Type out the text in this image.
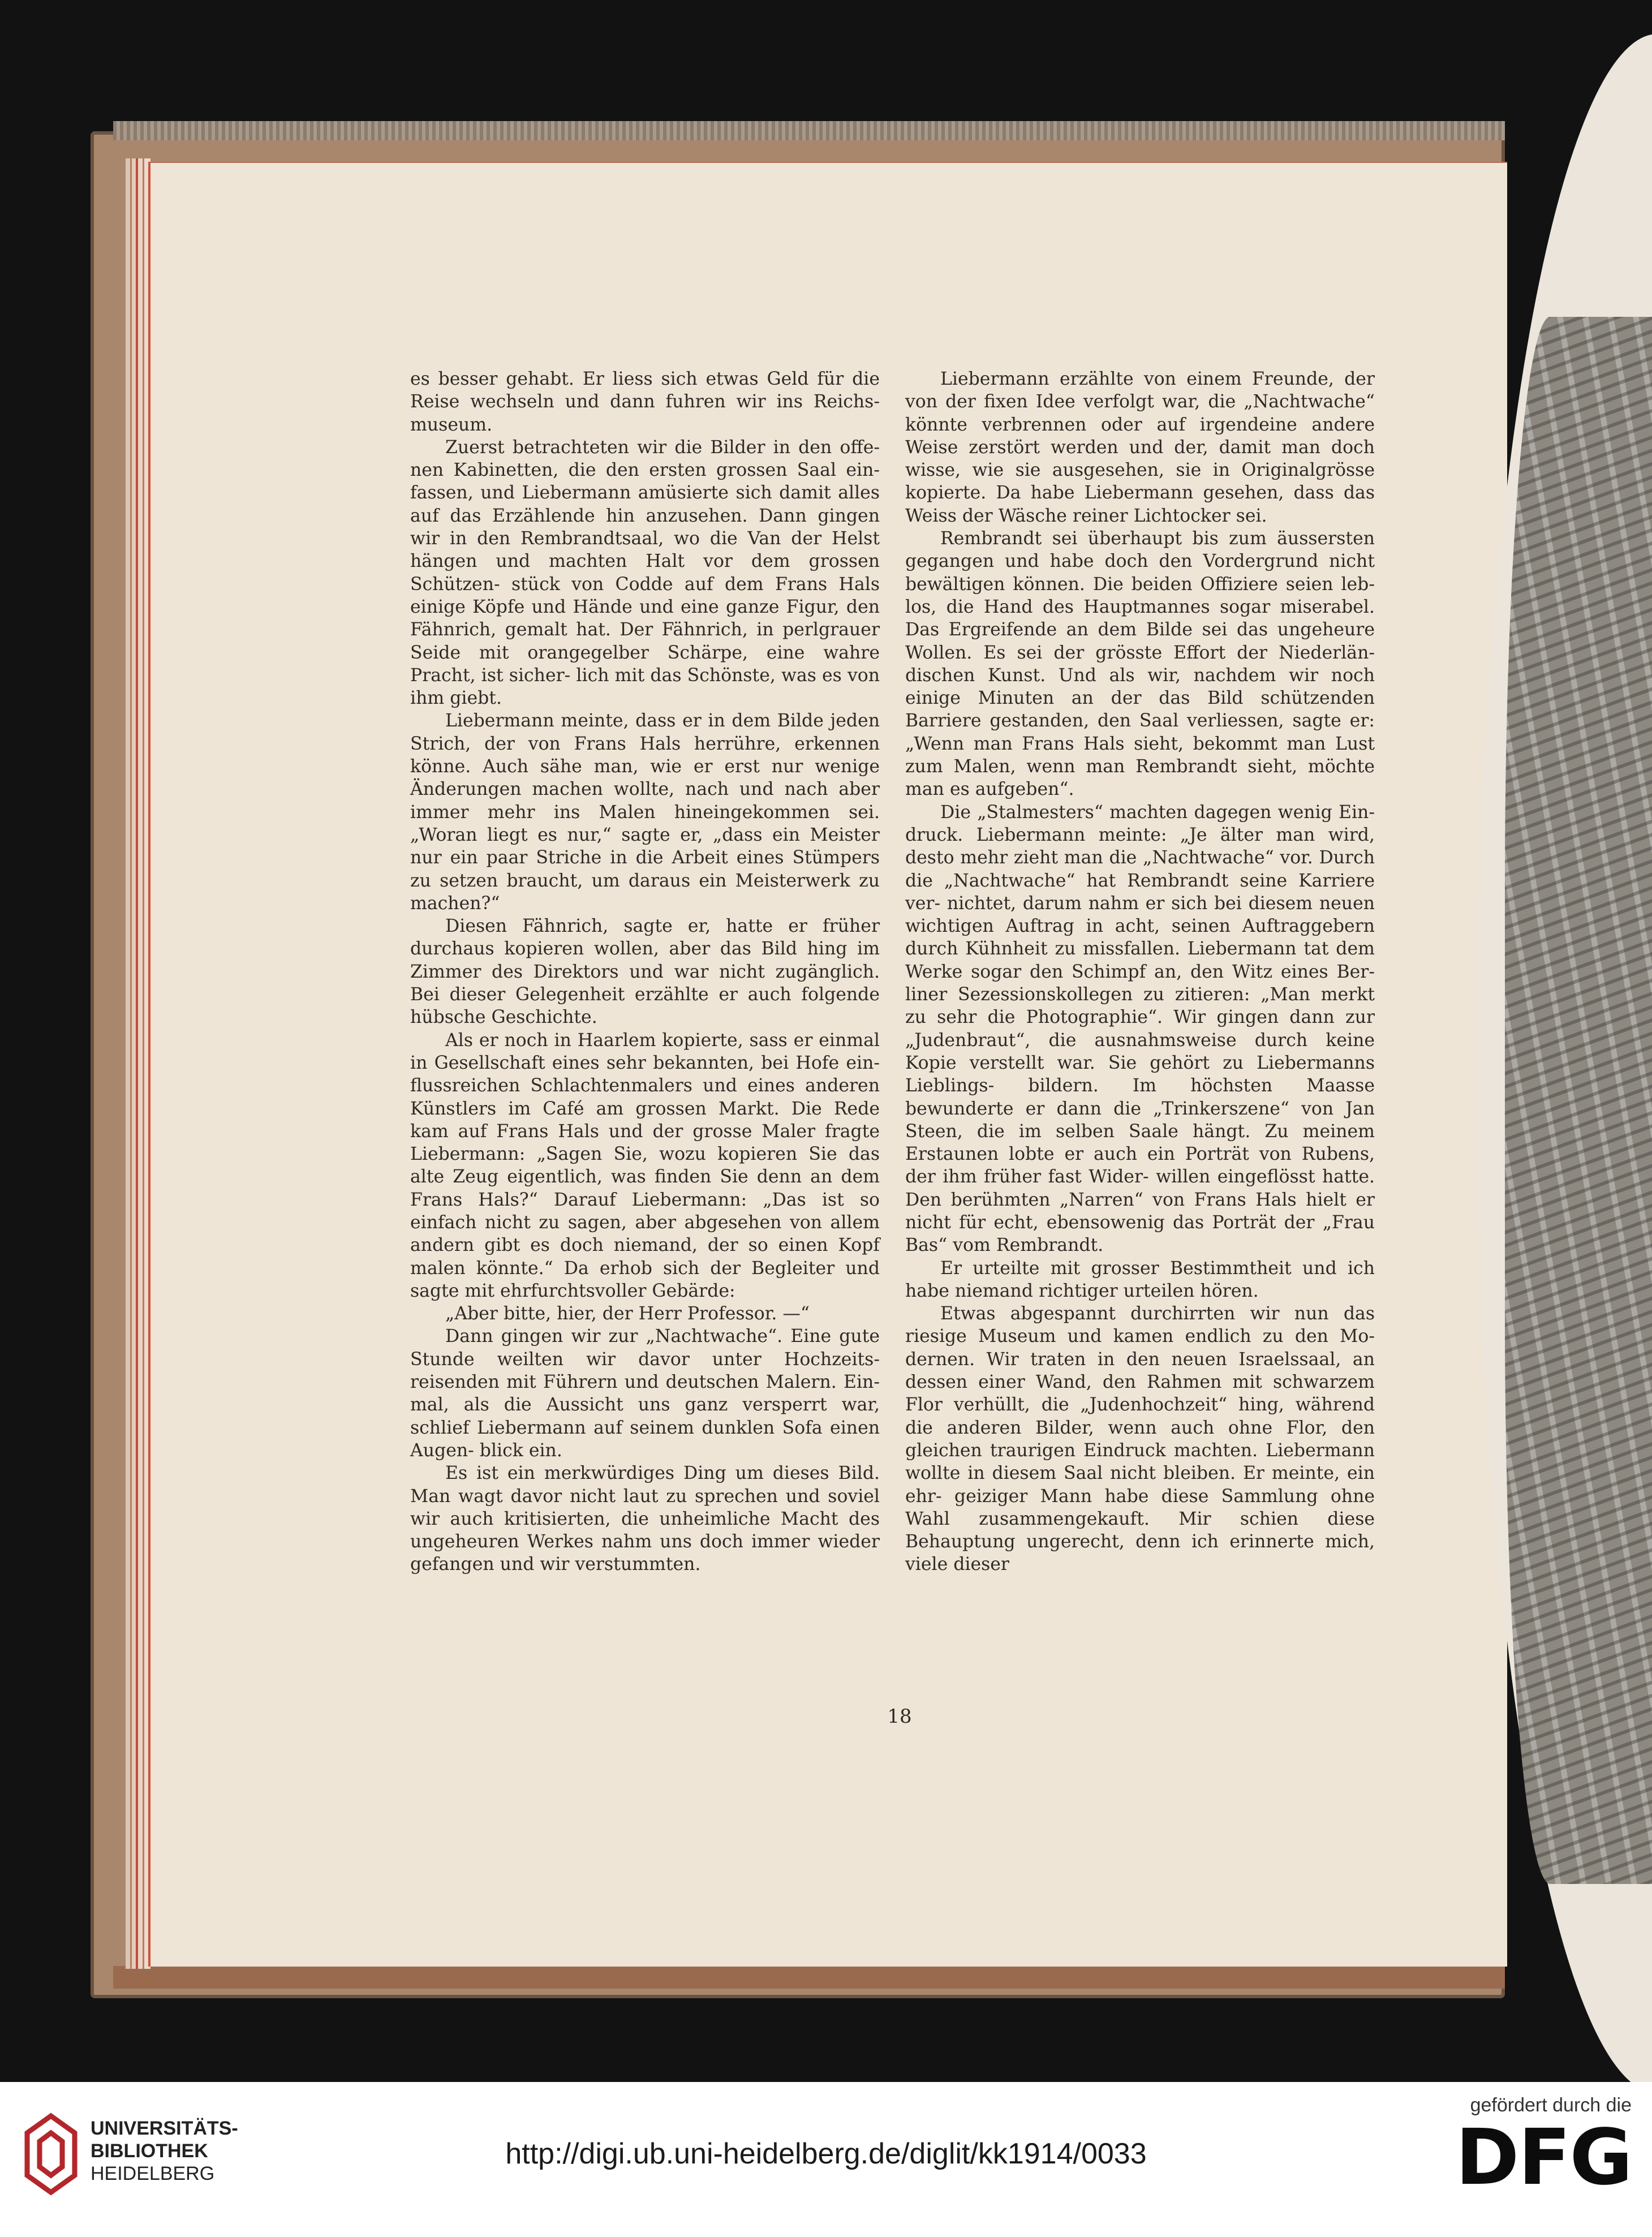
es besser gehabt. Er liess sich etwas Geld für die Reise wechseln und dann fuhren wir ins Reichs- museum.

Zuerst betrachteten wir die Bilder in den offe- nen Kabinetten, die den ersten grossen Saal ein- fassen, und Liebermann amüsierte sich damit alles auf das Erzählende hin anzusehen. Dann gingen wir in den Rembrandtsaal, wo die Van der Helst hängen und machten Halt vor dem grossen Schützen- stück von Codde auf dem Frans Hals einige Köpfe und Hände und eine ganze Figur, den Fähnrich, gemalt hat. Der Fähnrich, in perlgrauer Seide mit orangegelber Schärpe, eine wahre Pracht, ist sicher- lich mit das Schönste, was es von ihm giebt.

Liebermann meinte, dass er in dem Bilde jeden Strich, der von Frans Hals herrühre, erkennen könne. Auch sähe man, wie er erst nur wenige Änderungen machen wollte, nach und nach aber immer mehr ins Malen hineingekommen sei. „Woran liegt es nur,“ sagte er, „dass ein Meister nur ein paar Striche in die Arbeit eines Stümpers zu setzen braucht, um daraus ein Meisterwerk zu machen?“

Diesen Fähnrich, sagte er, hatte er früher durchaus kopieren wollen, aber das Bild hing im Zimmer des Direktors und war nicht zugänglich. Bei dieser Gelegenheit erzählte er auch folgende hübsche Geschichte.

Als er noch in Haarlem kopierte, sass er einmal in Gesellschaft eines sehr bekannten, bei Hofe ein- flussreichen Schlachtenmalers und eines anderen Künstlers im Café am grossen Markt. Die Rede kam auf Frans Hals und der grosse Maler fragte Liebermann: „Sagen Sie, wozu kopieren Sie das alte Zeug eigentlich, was finden Sie denn an dem Frans Hals?“ Darauf Liebermann: „Das ist so einfach nicht zu sagen, aber abgesehen von allem andern gibt es doch niemand, der so einen Kopf malen könnte.“ Da erhob sich der Begleiter und sagte mit ehrfurchtsvoller Gebärde:

„Aber bitte, hier, der Herr Professor. —“

Dann gingen wir zur „Nachtwache“. Eine gute Stunde weilten wir davor unter Hochzeits- reisenden mit Führern und deutschen Malern. Ein- mal, als die Aussicht uns ganz versperrt war, schlief Liebermann auf seinem dunklen Sofa einen Augen- blick ein.

Es ist ein merkwürdiges Ding um dieses Bild. Man wagt davor nicht laut zu sprechen und soviel wir auch kritisierten, die unheimliche Macht des ungeheuren Werkes nahm uns doch immer wieder gefangen und wir verstummten.

Liebermann erzählte von einem Freunde, der von der fixen Idee verfolgt war, die „Nachtwache“ könnte verbrennen oder auf irgendeine andere Weise zerstört werden und der, damit man doch wisse, wie sie ausgesehen, sie in Originalgrösse kopierte. Da habe Liebermann gesehen, dass das Weiss der Wäsche reiner Lichtocker sei.

Rembrandt sei überhaupt bis zum äussersten gegangen und habe doch den Vordergrund nicht bewältigen können. Die beiden Offiziere seien leb- los, die Hand des Hauptmannes sogar miserabel. Das Ergreifende an dem Bilde sei das ungeheure Wollen. Es sei der grösste Effort der Niederlän- dischen Kunst. Und als wir, nachdem wir noch einige Minuten an der das Bild schützenden Barriere gestanden, den Saal verliessen, sagte er: „Wenn man Frans Hals sieht, bekommt man Lust zum Malen, wenn man Rembrandt sieht, möchte man es aufgeben“.

Die „Stalmesters“ machten dagegen wenig Ein- druck. Liebermann meinte: „Je älter man wird, desto mehr zieht man die „Nachtwache“ vor. Durch die „Nachtwache“ hat Rembrandt seine Karriere ver- nichtet, darum nahm er sich bei diesem neuen wichtigen Auftrag in acht, seinen Auftraggebern durch Kühnheit zu missfallen. Liebermann tat dem Werke sogar den Schimpf an, den Witz eines Ber- liner Sezessionskollegen zu zitieren: „Man merkt zu sehr die Photographie“. Wir gingen dann zur „Judenbraut“, die ausnahmsweise durch keine Kopie verstellt war. Sie gehört zu Liebermanns Lieblings- bildern. Im höchsten Maasse bewunderte er dann die „Trinkerszene“ von Jan Steen, die im selben Saale hängt. Zu meinem Erstaunen lobte er auch ein Porträt von Rubens, der ihm früher fast Wider- willen eingeflösst hatte. Den berühmten „Narren“ von Frans Hals hielt er nicht für echt, ebensowenig das Porträt der „Frau Bas“ vom Rembrandt.

Er urteilte mit grosser Bestimmtheit und ich habe niemand richtiger urteilen hören.

Etwas abgespannt durchirrten wir nun das riesige Museum und kamen endlich zu den Mo- dernen. Wir traten in den neuen Israelssaal, an dessen einer Wand, den Rahmen mit schwarzem Flor verhüllt, die „Judenhochzeit“ hing, während die anderen Bilder, wenn auch ohne Flor, den gleichen traurigen Eindruck machten. Liebermann wollte in diesem Saal nicht bleiben. Er meinte, ein ehr- geiziger Mann habe diese Sammlung ohne Wahl zusammengekauft. Mir schien diese Behauptung ungerecht, denn ich erinnerte mich, viele dieser

18
UNIVERSITÄTS-
BIBLIOTHEK
HEIDELBERG
http://digi.ub.uni-heidelberg.de/diglit/kk1914/0033
gefördert durch die
DFG
